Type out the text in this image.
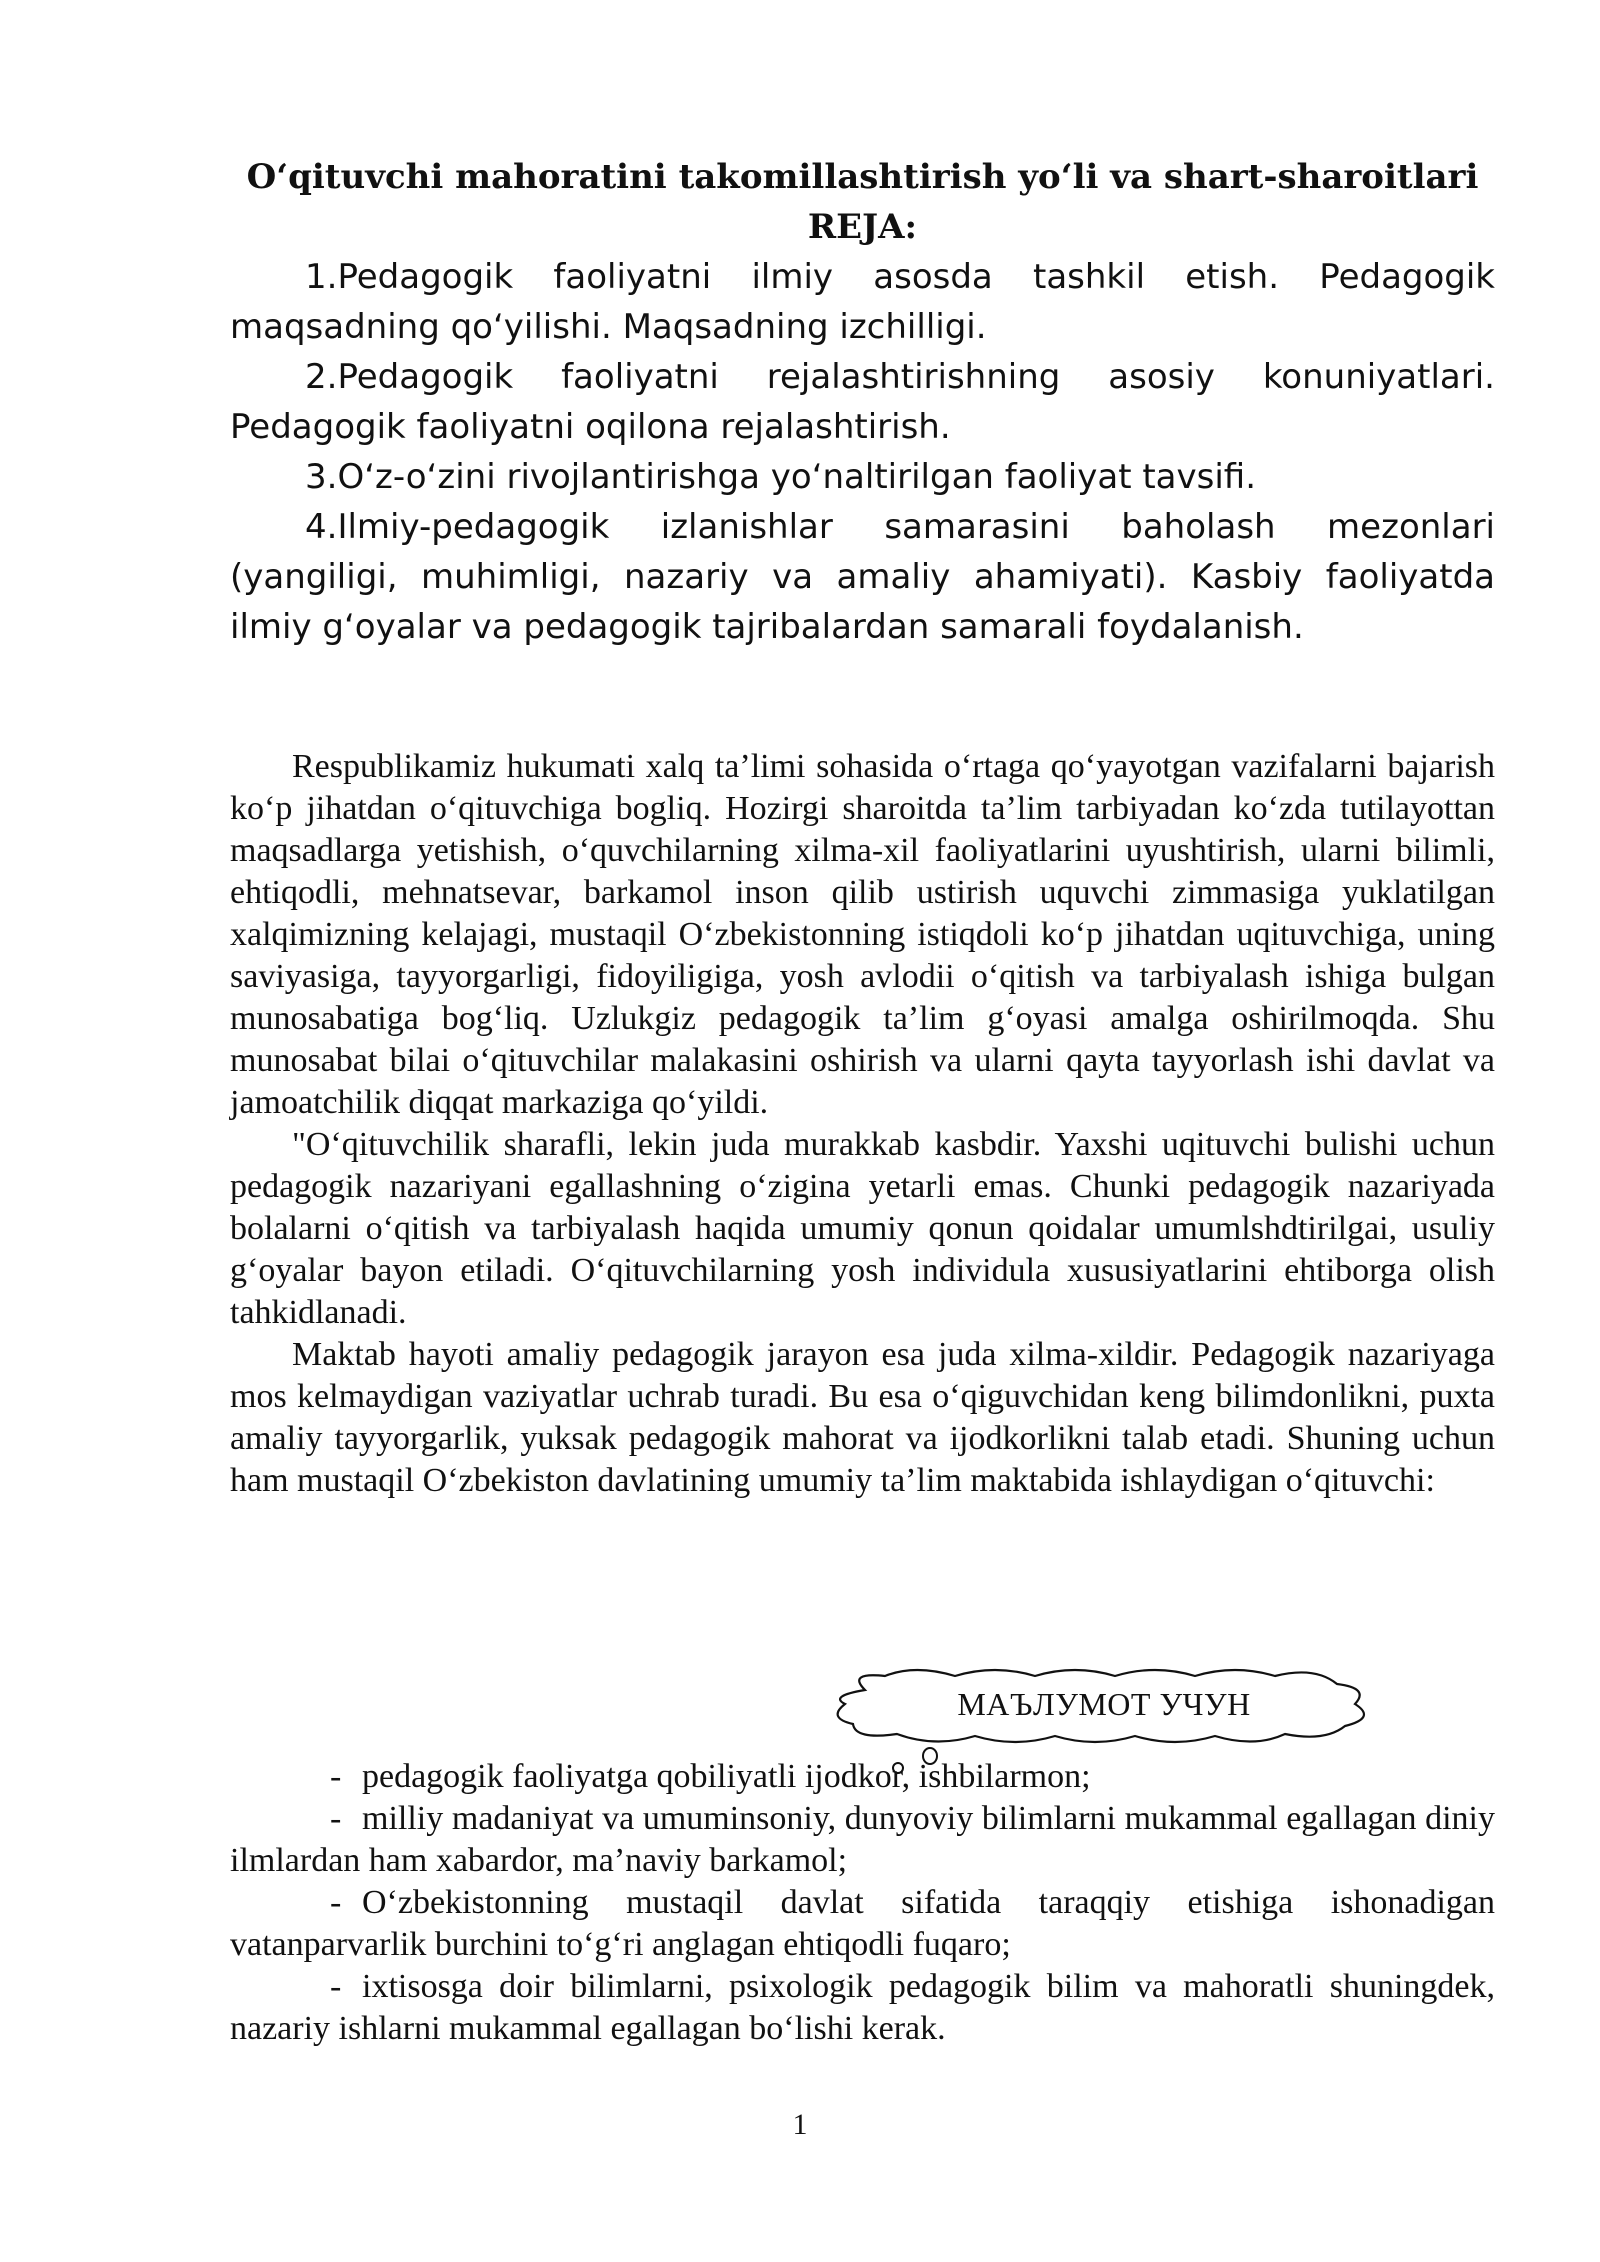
O‘qituvchi mahoratini takomillashtirish yo‘li va shart-sharoitlari

REJA:

1.Pedagogik faoliyatni ilmiy asosda tashkil etish. Pedagogik maqsadning qo‘yilishi. Maqsadning izchilligi.

2.Pedagogik faoliyatni rejalashtirishning asosiy konuniyatlari. Pedagogik faoliyatni oqilona rejalashtirish.

3.O‘z-o‘zini rivojlantirishga yo‘naltirilgan faoliyat tavsifi.

4.Ilmiy-pedagogik izlanishlar samarasini baholash mezonlari (yangiligi, muhimligi, nazariy va amaliy ahamiyati). Kasbiy faoliyatda ilmiy g‘oyalar va pedagogik tajribalardan samarali foydalanish.

Respublikamiz hukumati xalq ta’limi sohasida o‘rtaga qo‘yayotgan vazifalarni bajarish ko‘p jihatdan o‘qituvchiga bogliq. Hozirgi sharoitda ta’lim tarbiyadan ko‘zda tutilayottan maqsadlarga yetishish, o‘quvchilarning xilma-xil faoliyatlarini uyushtirish, ularni bilimli, ehtiqodli, mehnatsevar, barkamol inson qilib ustirish uquvchi zimmasiga yuklatilgan xalqimizning kelajagi, mustaqil O‘zbekistonning istiqdoli ko‘p jihatdan uqituvchiga, uning saviyasiga, tayyorgarligi, fidoyiligiga, yosh avlodii o‘qitish va tarbiyalash ishiga bulgan munosabatiga bog‘liq. Uzlukgiz pedagogik ta’lim g‘oyasi amalga oshirilmoqda. Shu munosabat bilai o‘qituvchilar malakasini oshirish va ularni qayta tayyorlash ishi davlat va jamoatchilik diqqat markaziga qo‘yildi.

"O‘qituvchilik sharafli, lekin juda murakkab kasbdir. Yaxshi uqituvchi bulishi uchun pedagogik nazariyani egallashning o‘zigina yetarli emas. Chunki pedagogik nazariyada bolalarni o‘qitish va tarbiyalash haqida umumiy qonun qoidalar umumlshdtirilgai, usuliy g‘oyalar bayon etiladi. O‘qituvchilarning yosh individula xususiyatlarini ehtiborga olish tahkidlanadi.

Maktab hayoti amaliy pedagogik jarayon esa juda xilma-xildir. Pedagogik nazariyaga mos kelmaydigan vaziyatlar uchrab turadi. Bu esa o‘qiguvchidan keng bilimdonlikni, puxta amaliy tayyorgarlik, yuksak pedagogik mahorat va ijodkorlikni talab etadi. Shuning uchun ham mustaqil O‘zbekiston davlatining umumiy ta’lim maktabida ishlaydigan o‘qituvchi:

МАЪЛУМОТ УЧУН

- pedagogik faoliyatga qobiliyatli ijodkor, ishbilarmon;

- milliy madaniyat va umuminsoniy, dunyoviy bilimlarni mukammal egallagan diniy ilmlardan ham xabardor, ma’naviy barkamol;

- O‘zbekistonning mustaqil davlat sifatida taraqqiy etishiga ishonadigan vatanparvarlik burchini to‘g‘ri anglagan ehtiqodli fuqaro;

- ixtisosga doir bilimlarni, psixologik pedagogik bilim va mahoratli shuningdek, nazariy ishlarni mukammal egallagan bo‘lishi kerak.

1
